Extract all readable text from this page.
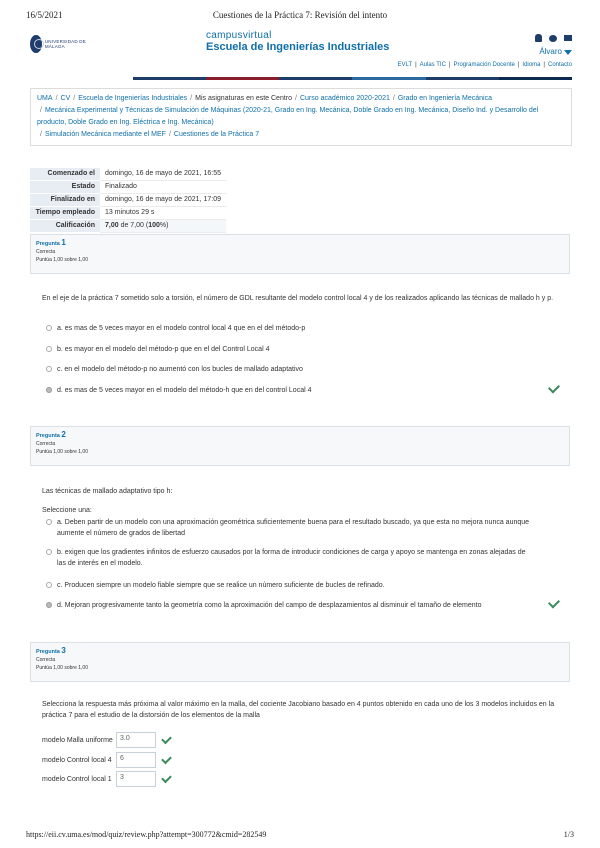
16/5/2021	Cuestiones de la Práctica 7: Revisión del intento
UNIVERSIDAD DE MÁLAGA
campusvirtual
Escuela de Ingenierías Industriales	Álvaro
EVLT | Aulas TIC | Programación Docente | Idioma | Contacto
UMA / CV / Escuela de Ingenierías Industriales / Mis asignaturas en este Centro / Curso académico 2020-2021 / Grado en Ingeniería Mecánica
/ Mecánica Experimental y Técnicas de Simulación de Máquinas (2020-21, Grado en Ing. Mecánica, Doble Grado en Ing. Mecánica, Diseño Ind. y Desarrollo del producto, Doble Grado en Ing. Eléctrica e Ing. Mecánica)
/ Simulación Mecánica mediante el MEF / Cuestiones de la Práctica 7
Comenzado el	domingo, 16 de mayo de 2021, 16:55
Estado	Finalizado
Finalizado en	domingo, 16 de mayo de 2021, 17:09
Tiempo empleado	13 minutos 29 s
Calificación	7,00 de 7,00 (100%)
Pregunta 1
Correcta
Puntúa 1,00 sobre 1,00
En el eje de la práctica 7 sometido solo a torsión, el número de GDL resultante del modelo control local 4 y de los realizados aplicando las técnicas de mallado h y p.
a. es mas de 5 veces mayor en el modelo control local 4 que en el del método-p
b. es mayor en el modelo del método-p que en el del Control Local 4
c. en el modelo del método-p no aumentó con los bucles de mallado adaptativo
d. es mas de 5 veces mayor en el modelo del método-h que en del control Local 4
Pregunta 2
Correcta
Puntúa 1,00 sobre 1,00
Las técnicas de mallado adaptativo tipo h:
Seleccione una:
a. Deben partir de un modelo con una aproximación geométrica suficientemente buena para el resultado buscado, ya que esta no mejora nunca aunque aumente el número de grados de libertad
b. exigen que los gradientes infinitos de esfuerzo causados por la forma de introducir condiciones de carga y apoyo se mantenga en zonas alejadas de las de interés en el modelo.
c. Producen siempre un modelo fiable siempre que se realice un número suficiente de bucles de refinado.
d. Mejoran progresivamente tanto la geometría como la aproximación del campo de desplazamientos al disminuir el tamaño de elemento
Pregunta 3
Correcta
Puntúa 1,00 sobre 1,00
Selecciona la respuesta más próxima al valor máximo en la malla, del cociente Jacobiano basado en 4 puntos obtenido en cada uno de los 3 modelos incluidos en la práctica 7 para el estudio de la distorsión de los elementos de la malla
modelo Malla uniforme	3.0
modelo Control local 4	6
modelo Control local 1	3
https://eii.cv.uma.es/mod/quiz/review.php?attempt=300772&cmid=282549	1/3
